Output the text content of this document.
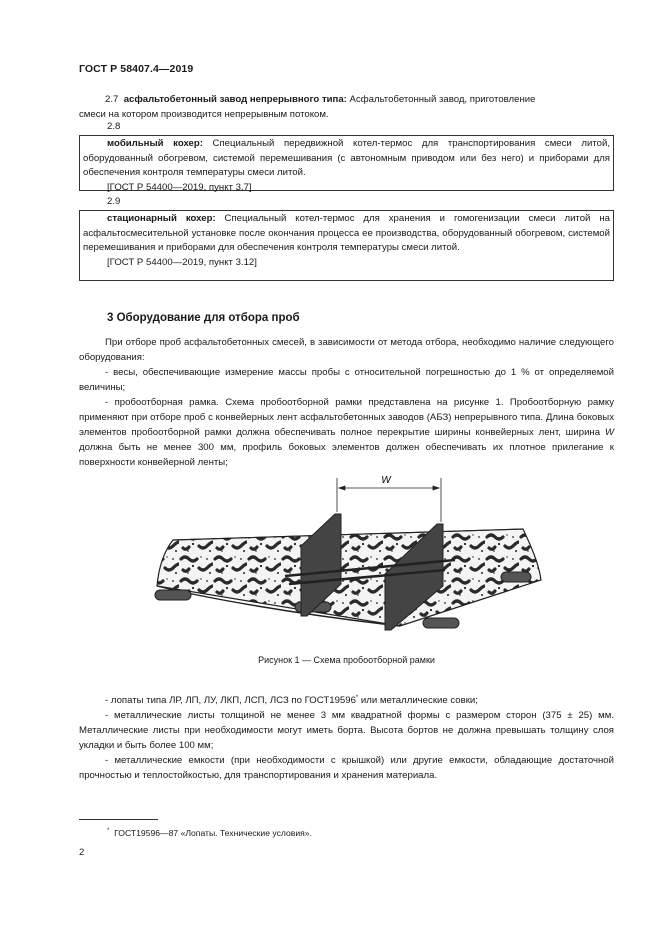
ГОСТ Р 58407.4—2019
2.7 асфальтобетонный завод непрерывного типа: Асфальтобетонный завод, приготовление
смеси на котором производится непрерывным потоком.
2.8
мобильный кохер: Специальный передвижной котел-термос для транспортирования смеси литой, оборудованный обогревом, системой перемешивания (с автономным приводом или без него) и приборами для обеспечения контроля температуры смеси литой.
[ГОСТ Р 54400—2019, пункт 3.7]
2.9
стационарный кохер: Специальный котел-термос для хранения и гомогенизации смеси литой на асфальтосмесительной установке после окончания процесса ее производства, оборудованный обогревом, системой перемешивания и приборами для обеспечения контроля температуры смеси литой.
[ГОСТ Р 54400—2019, пункт 3.12]
3 Оборудование для отбора проб
При отборе проб асфальтобетонных смесей, в зависимости от метода отбора, необходимо наличие следующего оборудования:
- весы, обеспечивающие измерение массы пробы с относительной погрешностью до 1 % от определяемой величины;
- пробоотборная рамка. Схема пробоотборной рамки представлена на рисунке 1. Пробоотборную рамку применяют при отборе проб с конвейерных лент асфальтобетонных заводов (АБЗ) непрерывного типа. Длина боковых элементов пробоотборной рамки должна обеспечивать полное перекрытие ширины конвейерных лент, ширина W должна быть не менее 300 мм, профиль боковых элементов должен обеспечивать их плотное прилегание к поверхности конвейерной ленты;
W
Рисунок 1 — Схема пробоотборной рамки
- лопаты типа ЛР, ЛП, ЛУ, ЛКП, ЛСП, ЛСЗ по ГОСТ19596* или металлические совки;
- металлические листы толщиной не менее 3 мм квадратной формы с размером сторон (375 ± 25) мм. Металлические листы при необходимости могут иметь борта. Высота бортов не должна превышать толщину слоя укладки и быть более 100 мм;
- металлические емкости (при необходимости с крышкой) или другие емкости, обладающие достаточной прочностью и теплостойкостью, для транспортирования и хранения материала.
* ГОСТ19596—87 «Лопаты. Технические условия».
2
